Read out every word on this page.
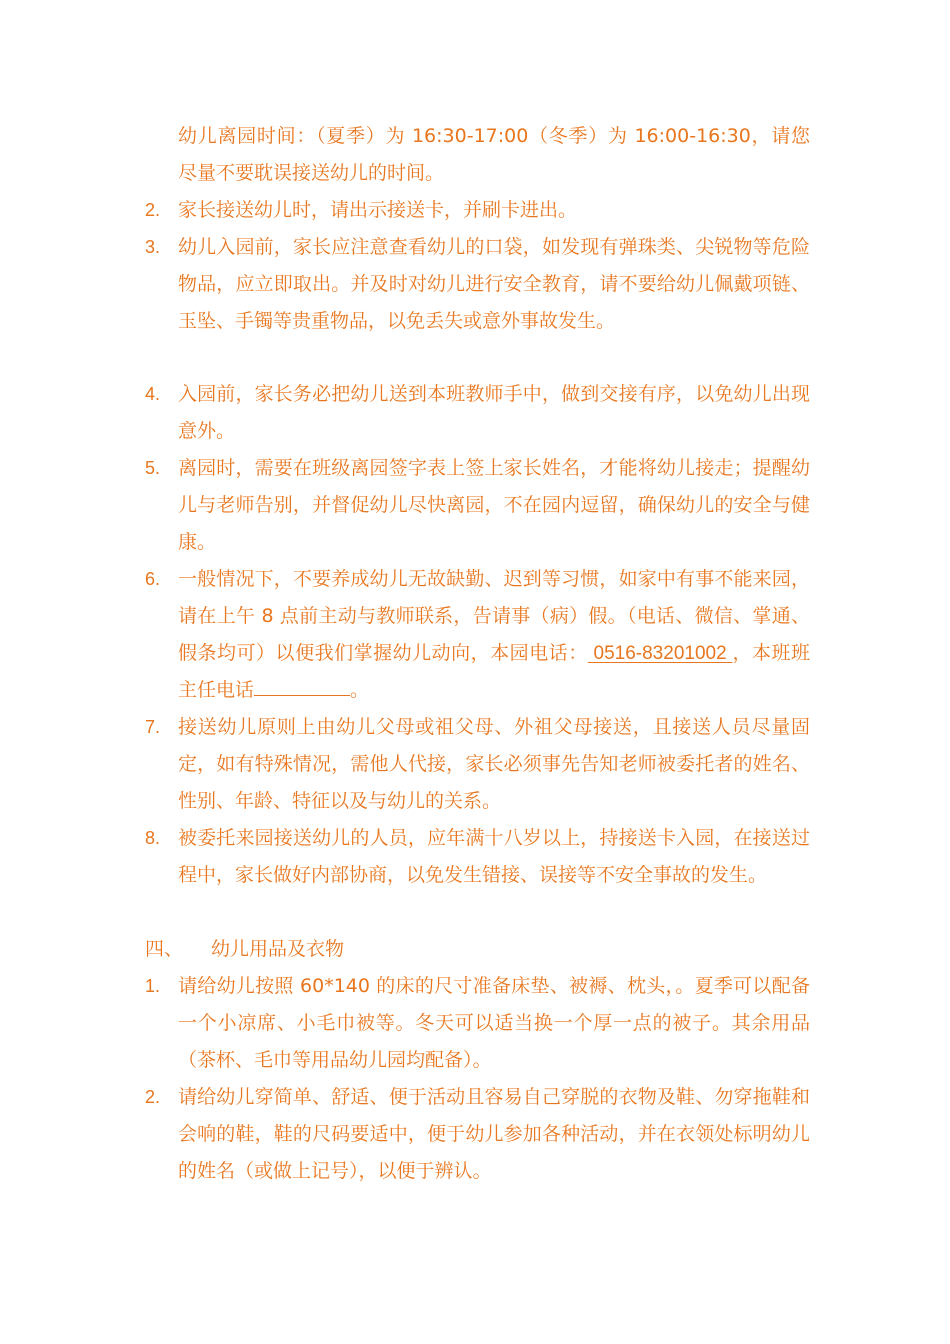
幼儿离园时间：（夏季）为 16:30-17:00（冬季）为 16:00-16:30，请您尽量不要耽误接送幼儿的时间。
2. 家长接送幼儿时，请出示接送卡，并刷卡进出。
3. 幼儿入园前，家长应注意查看幼儿的口袋，如发现有弹珠类、尖锐物等危险物品，应立即取出。并及时对幼儿进行安全教育，请不要给幼儿佩戴项链、玉坠、手镯等贵重物品，以免丢失或意外事故发生。
4. 入园前，家长务必把幼儿送到本班教师手中，做到交接有序，以免幼儿出现意外。
5. 离园时，需要在班级离园签字表上签上家长姓名，才能将幼儿接走；提醒幼儿与老师告别，并督促幼儿尽快离园，不在园内逗留，确保幼儿的安全与健康。
6. 一般情况下，不要养成幼儿无故缺勤、迟到等习惯，如家中有事不能来园，请在上午 8 点前主动与教师联系，告请事（病）假。（电话、微信、掌通、假条均可）以便我们掌握幼儿动向，本园电话： 0516-83201002 ，本班班主任电话	。
7. 接送幼儿原则上由幼儿父母或祖父母、外祖父母接送，且接送人员尽量固定，如有特殊情况，需他人代接，家长必须事先告知老师被委托者的姓名、性别、年龄、特征以及与幼儿的关系。
8. 被委托来园接送幼儿的人员，应年满十八岁以上，持接送卡入园，在接送过程中，家长做好内部协商，以免发生错接、误接等不安全事故的发生。
四、 幼儿用品及衣物
1. 请给幼儿按照 60*140 的床的尺寸准备床垫、被褥、枕头，。夏季可以配备一个小凉席、小毛巾被等。冬天可以适当换一个厚一点的被子。其余用品（茶杯、毛巾等用品幼儿园均配备）。
2. 请给幼儿穿简单、舒适、便于活动且容易自己穿脱的衣物及鞋、勿穿拖鞋和会响的鞋，鞋的尺码要适中，便于幼儿参加各种活动，并在衣领处标明幼儿的姓名（或做上记号），以便于辨认。
